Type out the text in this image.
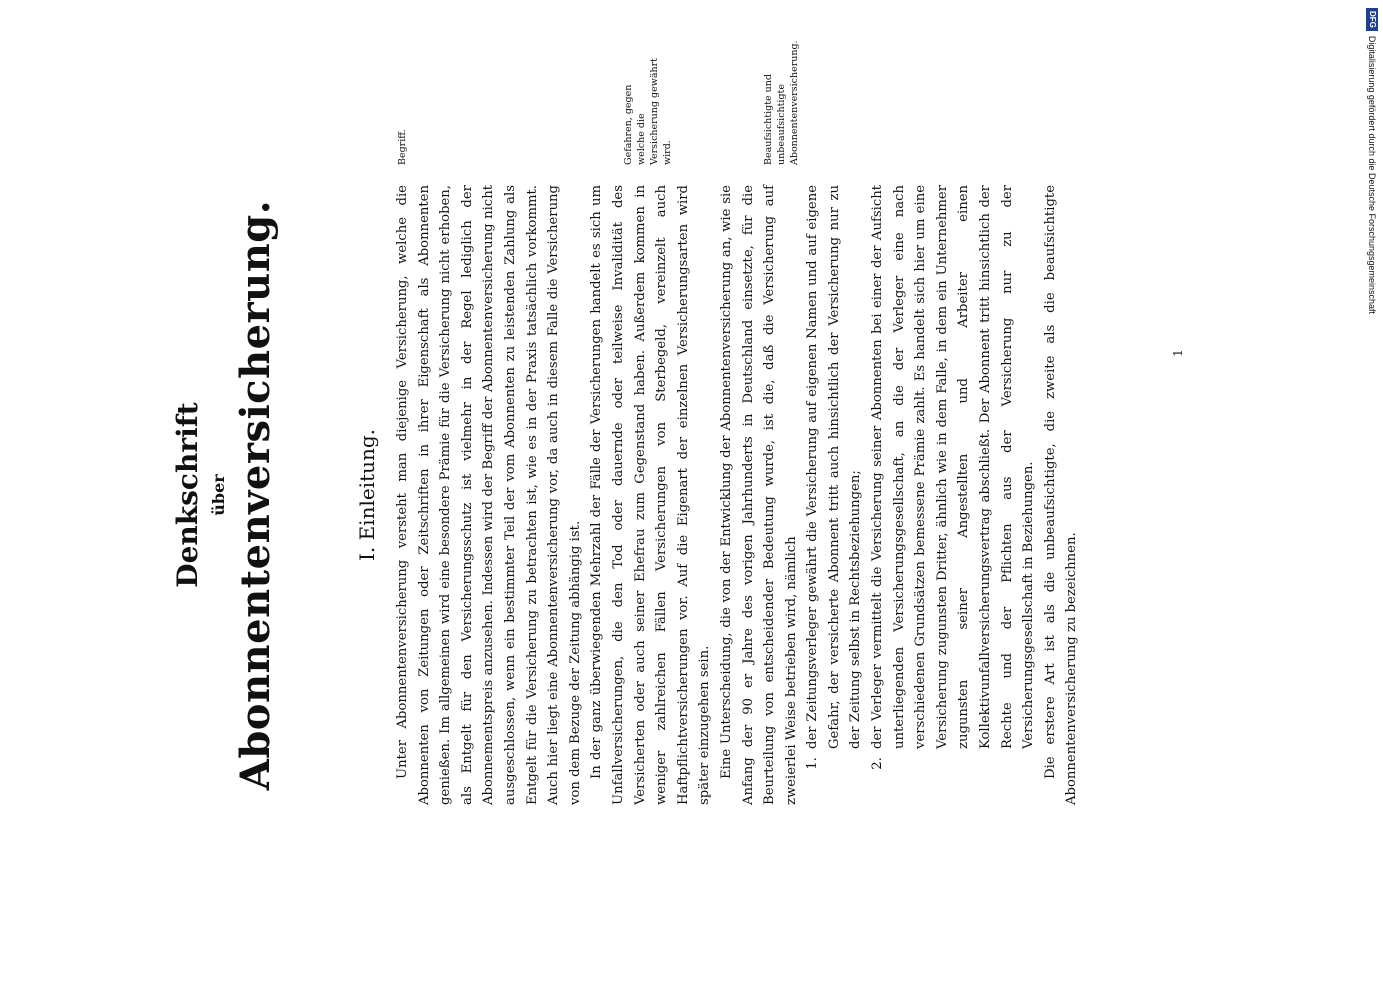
Denkschrift über Abonnentenversicherung.	I. Einleitung. Unter Abonnentenversicherung versteht man diejenige Versicherung, welche die Abonnenten von Zeitungen oder Zeitschriften in ihrer Eigenschaft als Abonnenten genießen. Im allgemeinen wird eine besondere Prämie für die Versicherung nicht erhoben, als Entgelt für den Versicherungsschutz ist vielmehr in der Regel lediglich der Abonnementspreis anzusehen. Indessen wird der Begriff der Abonnentenversicherung nicht ausgeschlossen, wenn ein bestimmter Teil der vom Abonnenten zu leistenden Zahlung als Entgelt für die Versicherung zu betrachten ist, wie es in der Praxis tatsächlich vorkommt. Auch hier liegt eine Abonnentenversicherung vor, da auch in diesem Falle die Versicherung von dem Bezuge der Zeitung abhängig ist. In der ganz überwiegenden Mehrzahl der Fälle der Versicherungen handelt es sich um Unfallversicherungen, die den Tod oder dauernde oder teilweise Invalidität des Versicherten oder auch seiner Ehefrau zum Gegenstand haben. Außerdem kommen in weniger zahlreichen Fällen Versicherungen von Sterbegeld, vereinzelt auch Haftpflichtversicherungen vor. Auf die Eigenart der einzelnen Versicherungsarten wird später einzugehen sein. Eine Unterscheidung, die von der Entwicklung der Abonnentenversicherung an, wie sie Anfang der 90 er Jahre des vorigen Jahrhunderts in Deutschland einsetzte, für die Beurteilung von entscheidender Bedeutung wurde, ist die, daß die Versicherung auf zweierlei Weise betrieben wird, nämlich 1. der Zeitungsverleger gewährt die Versicherung auf eigenen Namen und auf eigene Gefahr, der versicherte Abonnent tritt auch hinsichtlich der Versicherung nur zu der Zeitung selbst in Rechtsbeziehungen; 2. der Verleger vermittelt die Versicherung seiner Abonnenten bei einer der Aufsicht unterliegenden Versicherungsgesellschaft, an die der Verleger eine nach verschiedenen Grundsätzen bemessene Prämie zahlt. Es handelt sich hier um eine Versicherung zugunsten Dritter, ähnlich wie in dem Falle, in dem ein Unternehmer zugunsten seiner Angestellten und Arbeiter einen Kollektivunfallversicherungsvertrag abschließt. Der Abonnent tritt hinsichtlich der Rechte und der Pflichten aus der Versicherung nur zu der Versicherungsgesellschaft in Beziehungen. Die erstere Art ist als die unbeaufsichtigte, die zweite als die beaufsichtigte Abonnentenversicherung zu bezeichnen.

Begriff.	Gefahren, gegen welche die Versicherung gewährt wird.	Beaufsichtigte und unbeaufsichtigte Abonnentenversicherung.
1
DFG
Digitalisierung gefördert durch die Deutsche Forschungsgemeinschaft
